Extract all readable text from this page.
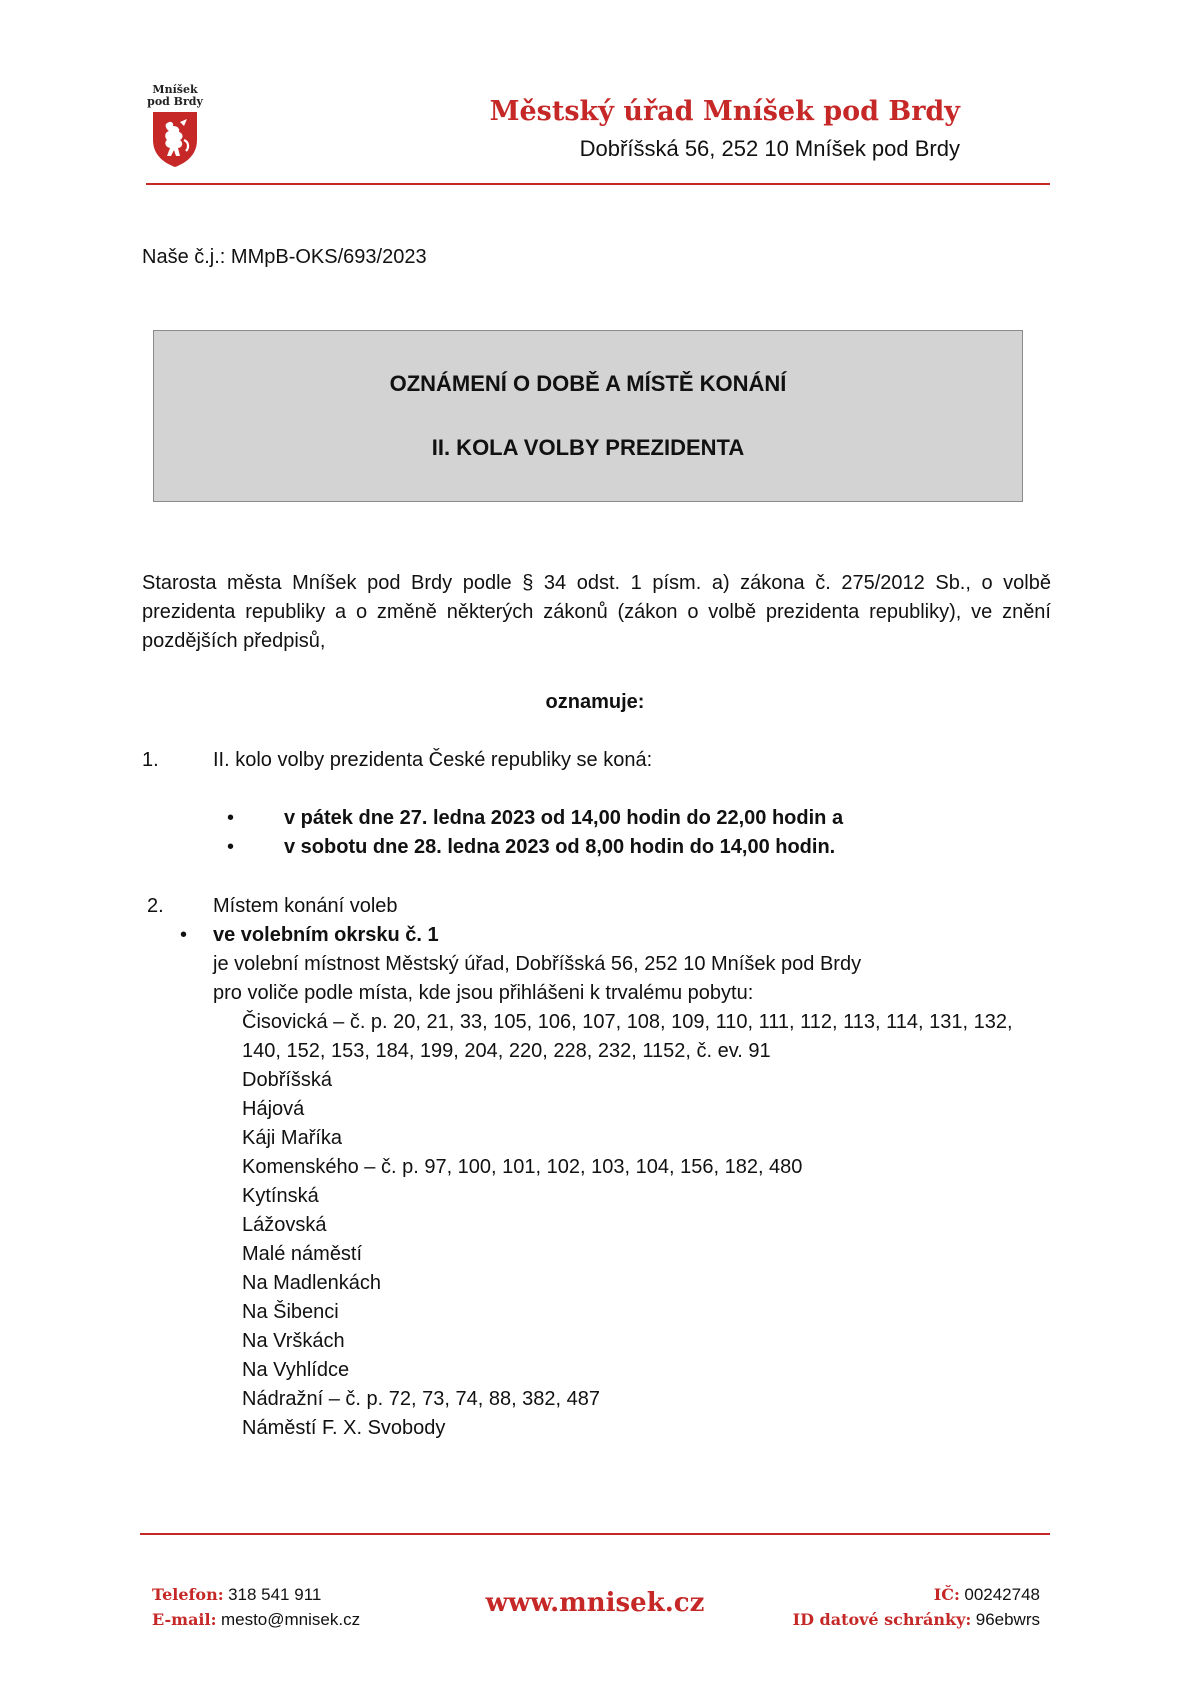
Mníšek
pod Brdy	Městský úřad Mníšek pod Brdy
Dobříšská 56, 252 10 Mníšek pod Brdy
Naše č.j.: MMpB-OKS/693/2023
OZNÁMENÍ O DOBĚ A MÍSTĚ KONÁNÍ
II. KOLA VOLBY PREZIDENTA
Starosta města Mníšek pod Brdy podle § 34 odst. 1 písm. a) zákona č. 275/2012 Sb., o volbě prezidenta republiky a o změně některých zákonů (zákon o volbě prezidenta republiky), ve znění pozdějších předpisů,
oznamuje:
1.	II. kolo volby prezidenta České republiky se koná:
• v pátek dne 27. ledna 2023 od 14,00 hodin do 22,00 hodin a
• v sobotu dne 28. ledna 2023 od 8,00 hodin do 14,00 hodin.
2. Místem konání voleb
• ve volebním okrsku č. 1
je volební místnost Městský úřad, Dobříšská 56, 252 10 Mníšek pod Brdy
pro voliče podle místa, kde jsou přihlášeni k trvalému pobytu:

Čisovická – č. p. 20, 21, 33, 105, 106, 107, 108, 109, 110, 111, 112, 113, 114, 131, 132, 140, 152, 153, 184, 199, 204, 220, 228, 232, 1152, č. ev. 91

Dobříšská

Hájová

Káji Maříka

Komenského – č. p. 97, 100, 101, 102, 103, 104, 156, 182, 480

Kytínská

Lážovská

Malé náměstí

Na Madlenkách

Na Šibenci

Na Vrškách

Na Vyhlídce

Nádražní – č. p. 72, 73, 74, 88, 382, 487

Náměstí F. X. Svobody

Telefon: 318 541 911
E-mail: mesto@mnisek.cz
www.mnisek.cz	IČ: 00242748
ID datové schránky: 96ebwrs
